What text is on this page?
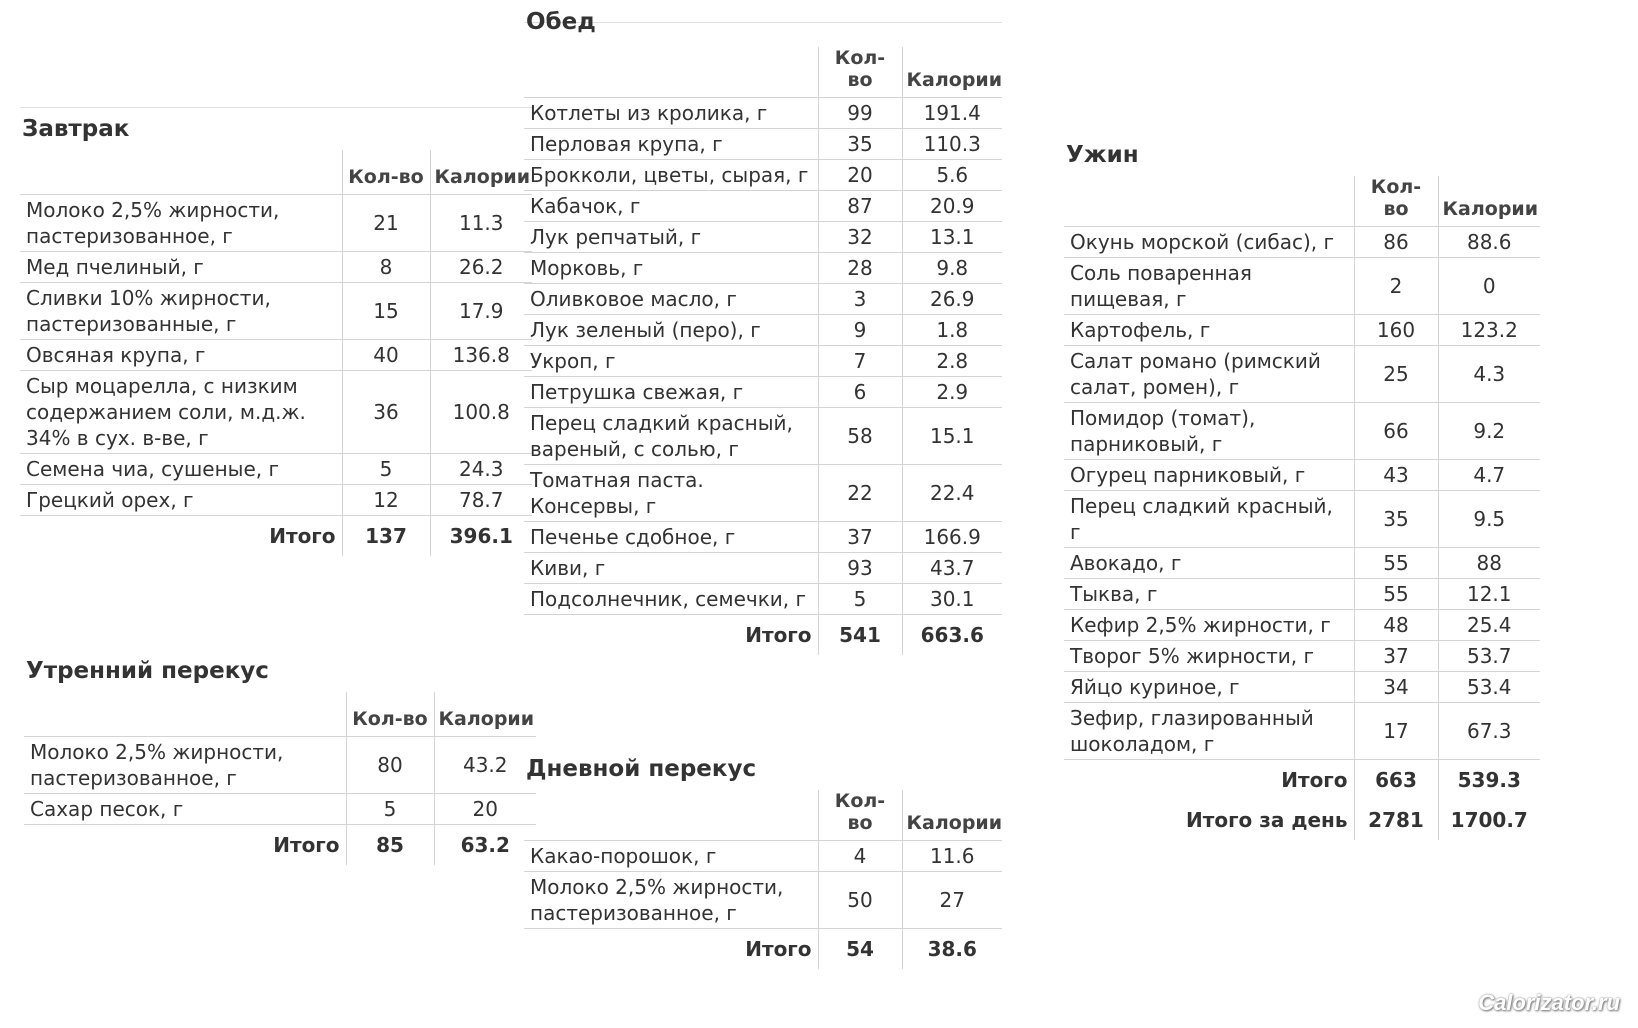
Завтрак
	Кол-во	Калории
Молоко 2,5% жирности, пастеризованное, г	21	11.3
Мед пчелиный, г	8	26.2
Сливки 10% жирности, пастеризованные, г	15	17.9
Овсяная крупа, г	40	136.8
Сыр моцарелла, с низким содержанием соли, м.д.ж. 34% в сух. в-ве, г	36	100.8
Семена чиа, сушеные, г	5	24.3
Грецкий орех, г	12	78.7
Итого	137	396.1
Утренний перекус
	Кол-во	Калории
Молоко 2,5% жирности, пастеризованное, г	80	43.2
Сахар песок, г	5	20
Итого	85	63.2
Обед
	Кол-во	Калории
Котлеты из кролика, г	99	191.4
Перловая крупа, г	35	110.3
Брокколи, цветы, сырая, г	20	5.6
Кабачок, г	87	20.9
Лук репчатый, г	32	13.1
Морковь, г	28	9.8
Оливковое масло, г	3	26.9
Лук зеленый (перо), г	9	1.8
Укроп, г	7	2.8
Петрушка свежая, г	6	2.9
Перец сладкий красный, вареный, с солью, г	58	15.1
Томатная паста. Консервы, г	22	22.4
Печенье сдобное, г	37	166.9
Киви, г	93	43.7
Подсолнечник, семечки, г	5	30.1
Итого	541	663.6
Дневной перекус
	Кол-во	Калории
Какао-порошок, г	4	11.6
Молоко 2,5% жирности, пастеризованное, г	50	27
Итого	54	38.6
Ужин
	Кол-во	Калории
Окунь морской (сибас), г	86	88.6
Соль поваренная пищевая, г	2	0
Картофель, г	160	123.2
Салат романо (римский салат, ромен), г	25	4.3
Помидор (томат), парниковый, г	66	9.2
Огурец парниковый, г	43	4.7
Перец сладкий красный, г	35	9.5
Авокадо, г	55	88
Тыква, г	55	12.1
Кефир 2,5% жирности, г	48	25.4
Творог 5% жирности, г	37	53.7
Яйцо куриное, г	34	53.4
Зефир, глазированный шоколадом, г	17	67.3
Итого	663	539.3
Итого за день	2781	1700.7
Calorizator.ru
